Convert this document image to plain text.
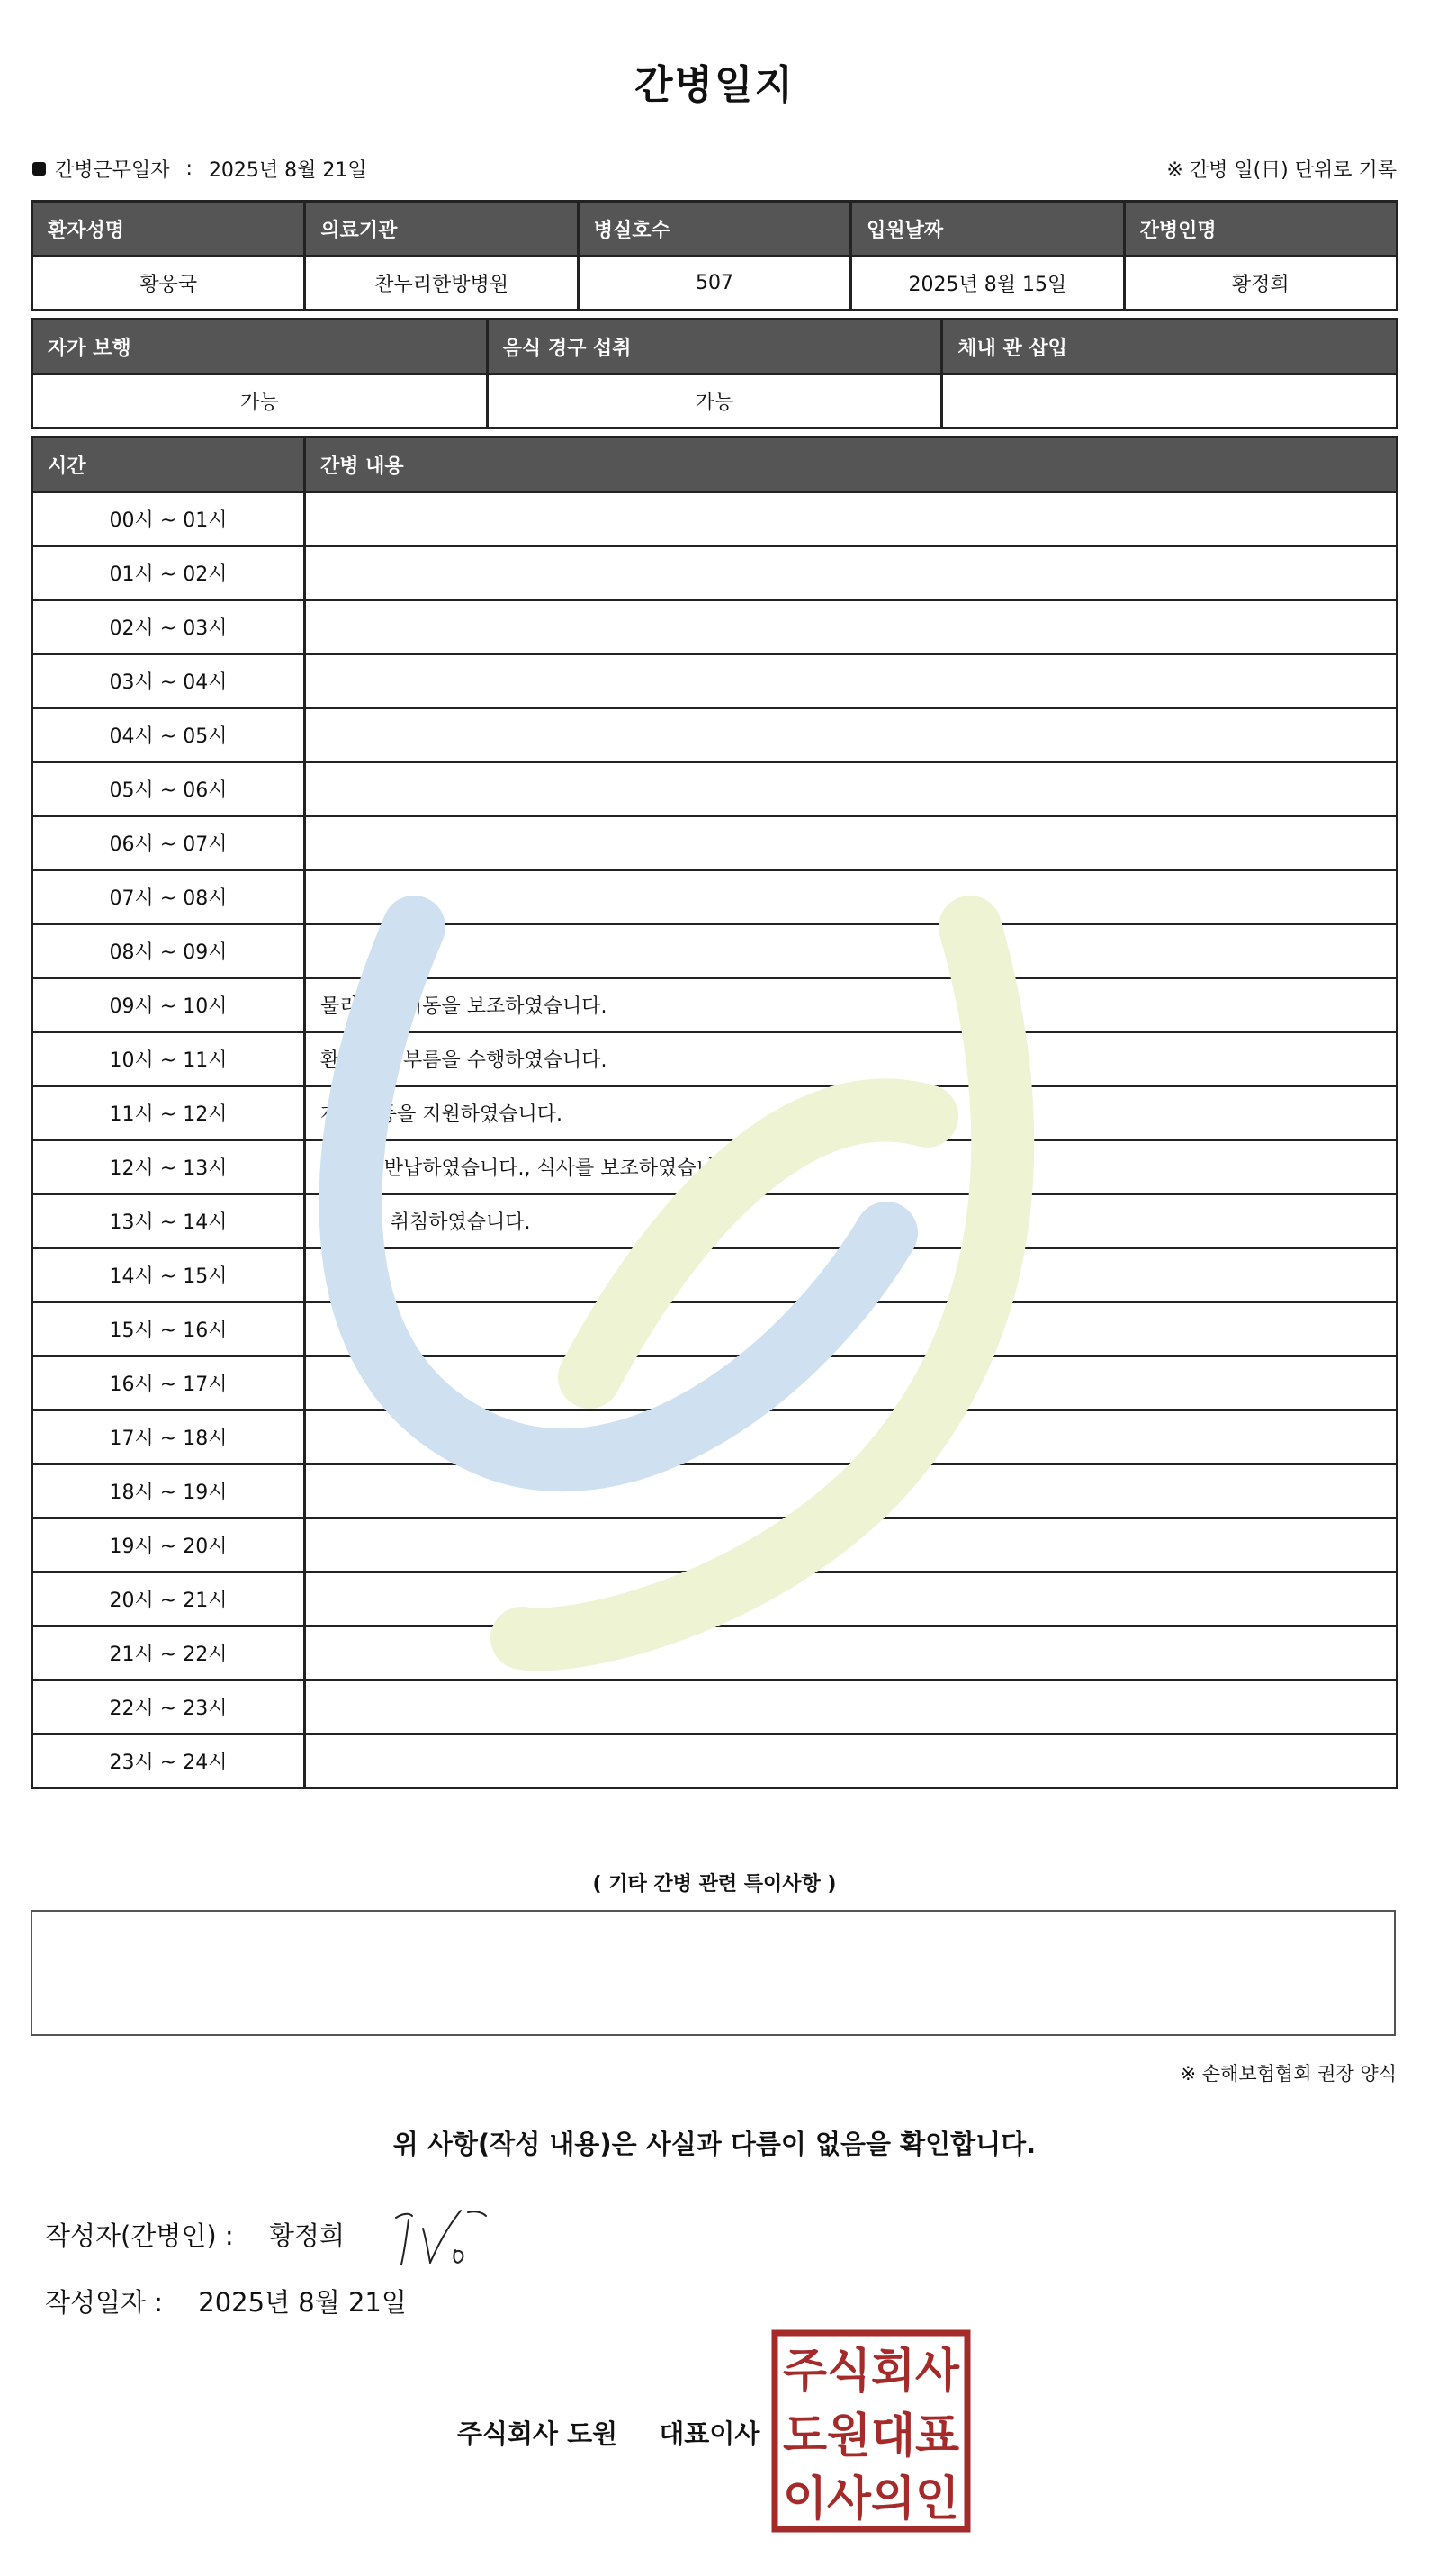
간병일지
간병근무일자 : 2025년 8월 21일	※ 간병 일(日) 단위로 기록
환자성명	의료기관	병실호수	입원날짜	간병인명
황웅국	찬누리한방병원	507	2025년 8월 15일	황정희
자가 보행	음식 경구 섭취	체내 관 삽입
가능	가능	
시간	간병 내용
00시 ~ 01시	
01시 ~ 02시	
02시 ~ 03시	
03시 ~ 04시	
04시 ~ 05시	
05시 ~ 06시	
06시 ~ 07시	
07시 ~ 08시	
08시 ~ 09시	
09시 ~ 10시	물리치료 이동을 보조하였습니다.
10시 ~ 11시	환자의 심부름을 수행하였습니다.
11시 ~ 12시	재활운동을 지원하였습니다.
12시 ~ 13시	식기를 반납하였습니다., 식사를 보조하였습니다.
13시 ~ 14시	병실 내 취침하였습니다.
14시 ~ 15시	
15시 ~ 16시	
16시 ~ 17시	
17시 ~ 18시	
18시 ~ 19시	
19시 ~ 20시	
20시 ~ 21시	
21시 ~ 22시	
22시 ~ 23시	
23시 ~ 24시	
( 기타 간병 관련 특이사항 )
※ 손해보험협회 권장 양식
위 사항(작성 내용)은 사실과 다름이 없음을 확인합니다.
작성자(간병인) : 황정희
작성일자 : 2025년 8월 21일
주식회사 도원 대표이사
주식회사
도원대표
이사의인
